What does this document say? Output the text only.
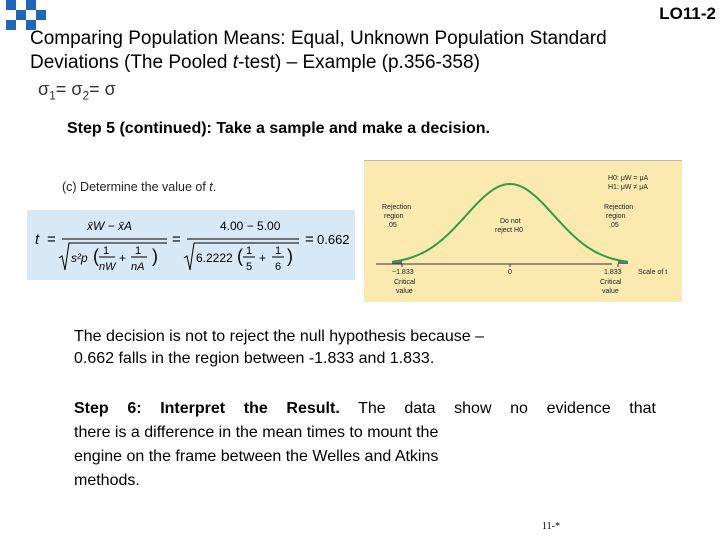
LO11-2
Comparing Population Means: Equal, Unknown Population Standard
Deviations (The Pooled t-test) – Example (p.356-358)
$\sigma_1= \sigma_2= \sigma$
Step 5 (continued): Take a sample and make a decision.
(c) Determine the value of t.
t =
x̄W − x̄A
s²p ( 1
nW
+ 1
nA
)
=
4.00 − 5.00
6.2222 ( 1
5
+ 1
6
)
= 0.662
H0: μW = μA
H1: μW ≠ μA
Rejection
region
.05
Rejection
region
.05
Do not
reject H0
−1.833	0	1.833 Scale of t
Critical
value
Critical
value
The decision is not to reject the null hypothesis because –
0.662 falls in the region between -1.833 and 1.833.
Step 6: Interpret the Result. The data show no evidence that
there is a difference in the mean times to mount the
engine on the frame between the Welles and Atkins
methods.
11-*
